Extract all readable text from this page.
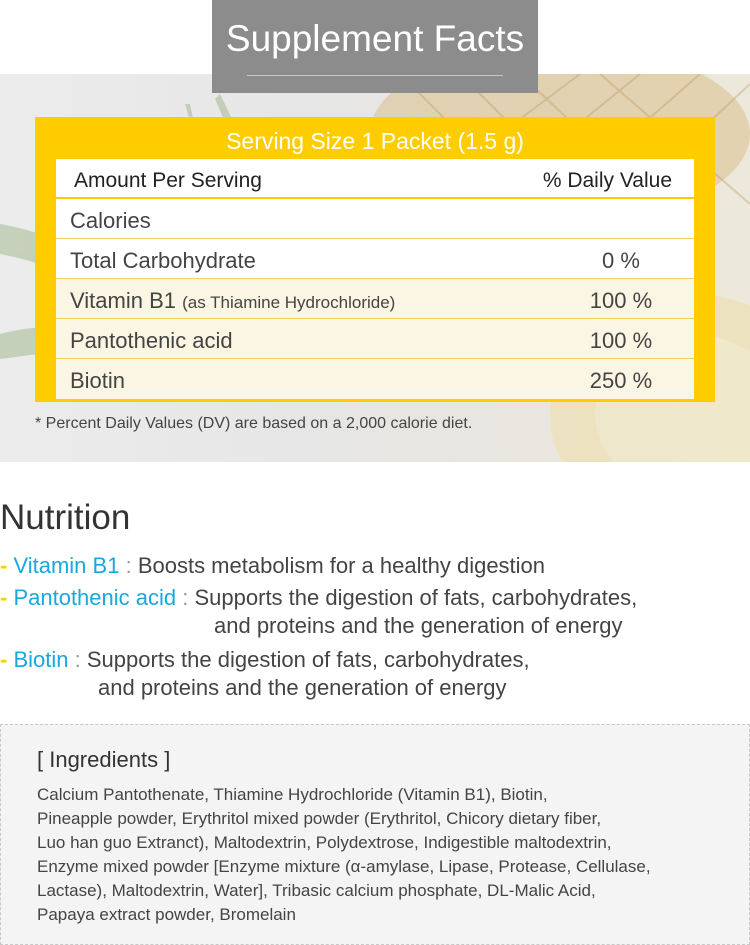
Supplement Facts
Serving Size 1 Packet (1.5 g)
Amount Per Serving	% Daily Value
Calories
Total Carbohydrate	0 %
Vitamin B1 (as Thiamine Hydrochloride)	100 %
Pantothenic acid	100 %
Biotin	250 %
* Percent Daily Values (DV) are based on a 2,000 calorie diet.
Nutrition
- Vitamin B1 : Boosts metabolism for a healthy digestion
- Pantothenic acid : Supports the digestion of fats, carbohydrates,
and proteins and the generation of energy
- Biotin : Supports the digestion of fats, carbohydrates,
and proteins and the generation of energy
[ Ingredients ]
Calcium Pantothenate, Thiamine Hydrochloride (Vitamin B1), Biotin,
Pineapple powder, Erythritol mixed powder (Erythritol, Chicory dietary fiber,
Luo han guo Extranct), Maltodextrin, Polydextrose, Indigestible maltodextrin,
Enzyme mixed powder [Enzyme mixture (α-amylase, Lipase, Protease, Cellulase,
Lactase), Maltodextrin, Water], Tribasic calcium phosphate, DL-Malic Acid,
Papaya extract powder, Bromelain
